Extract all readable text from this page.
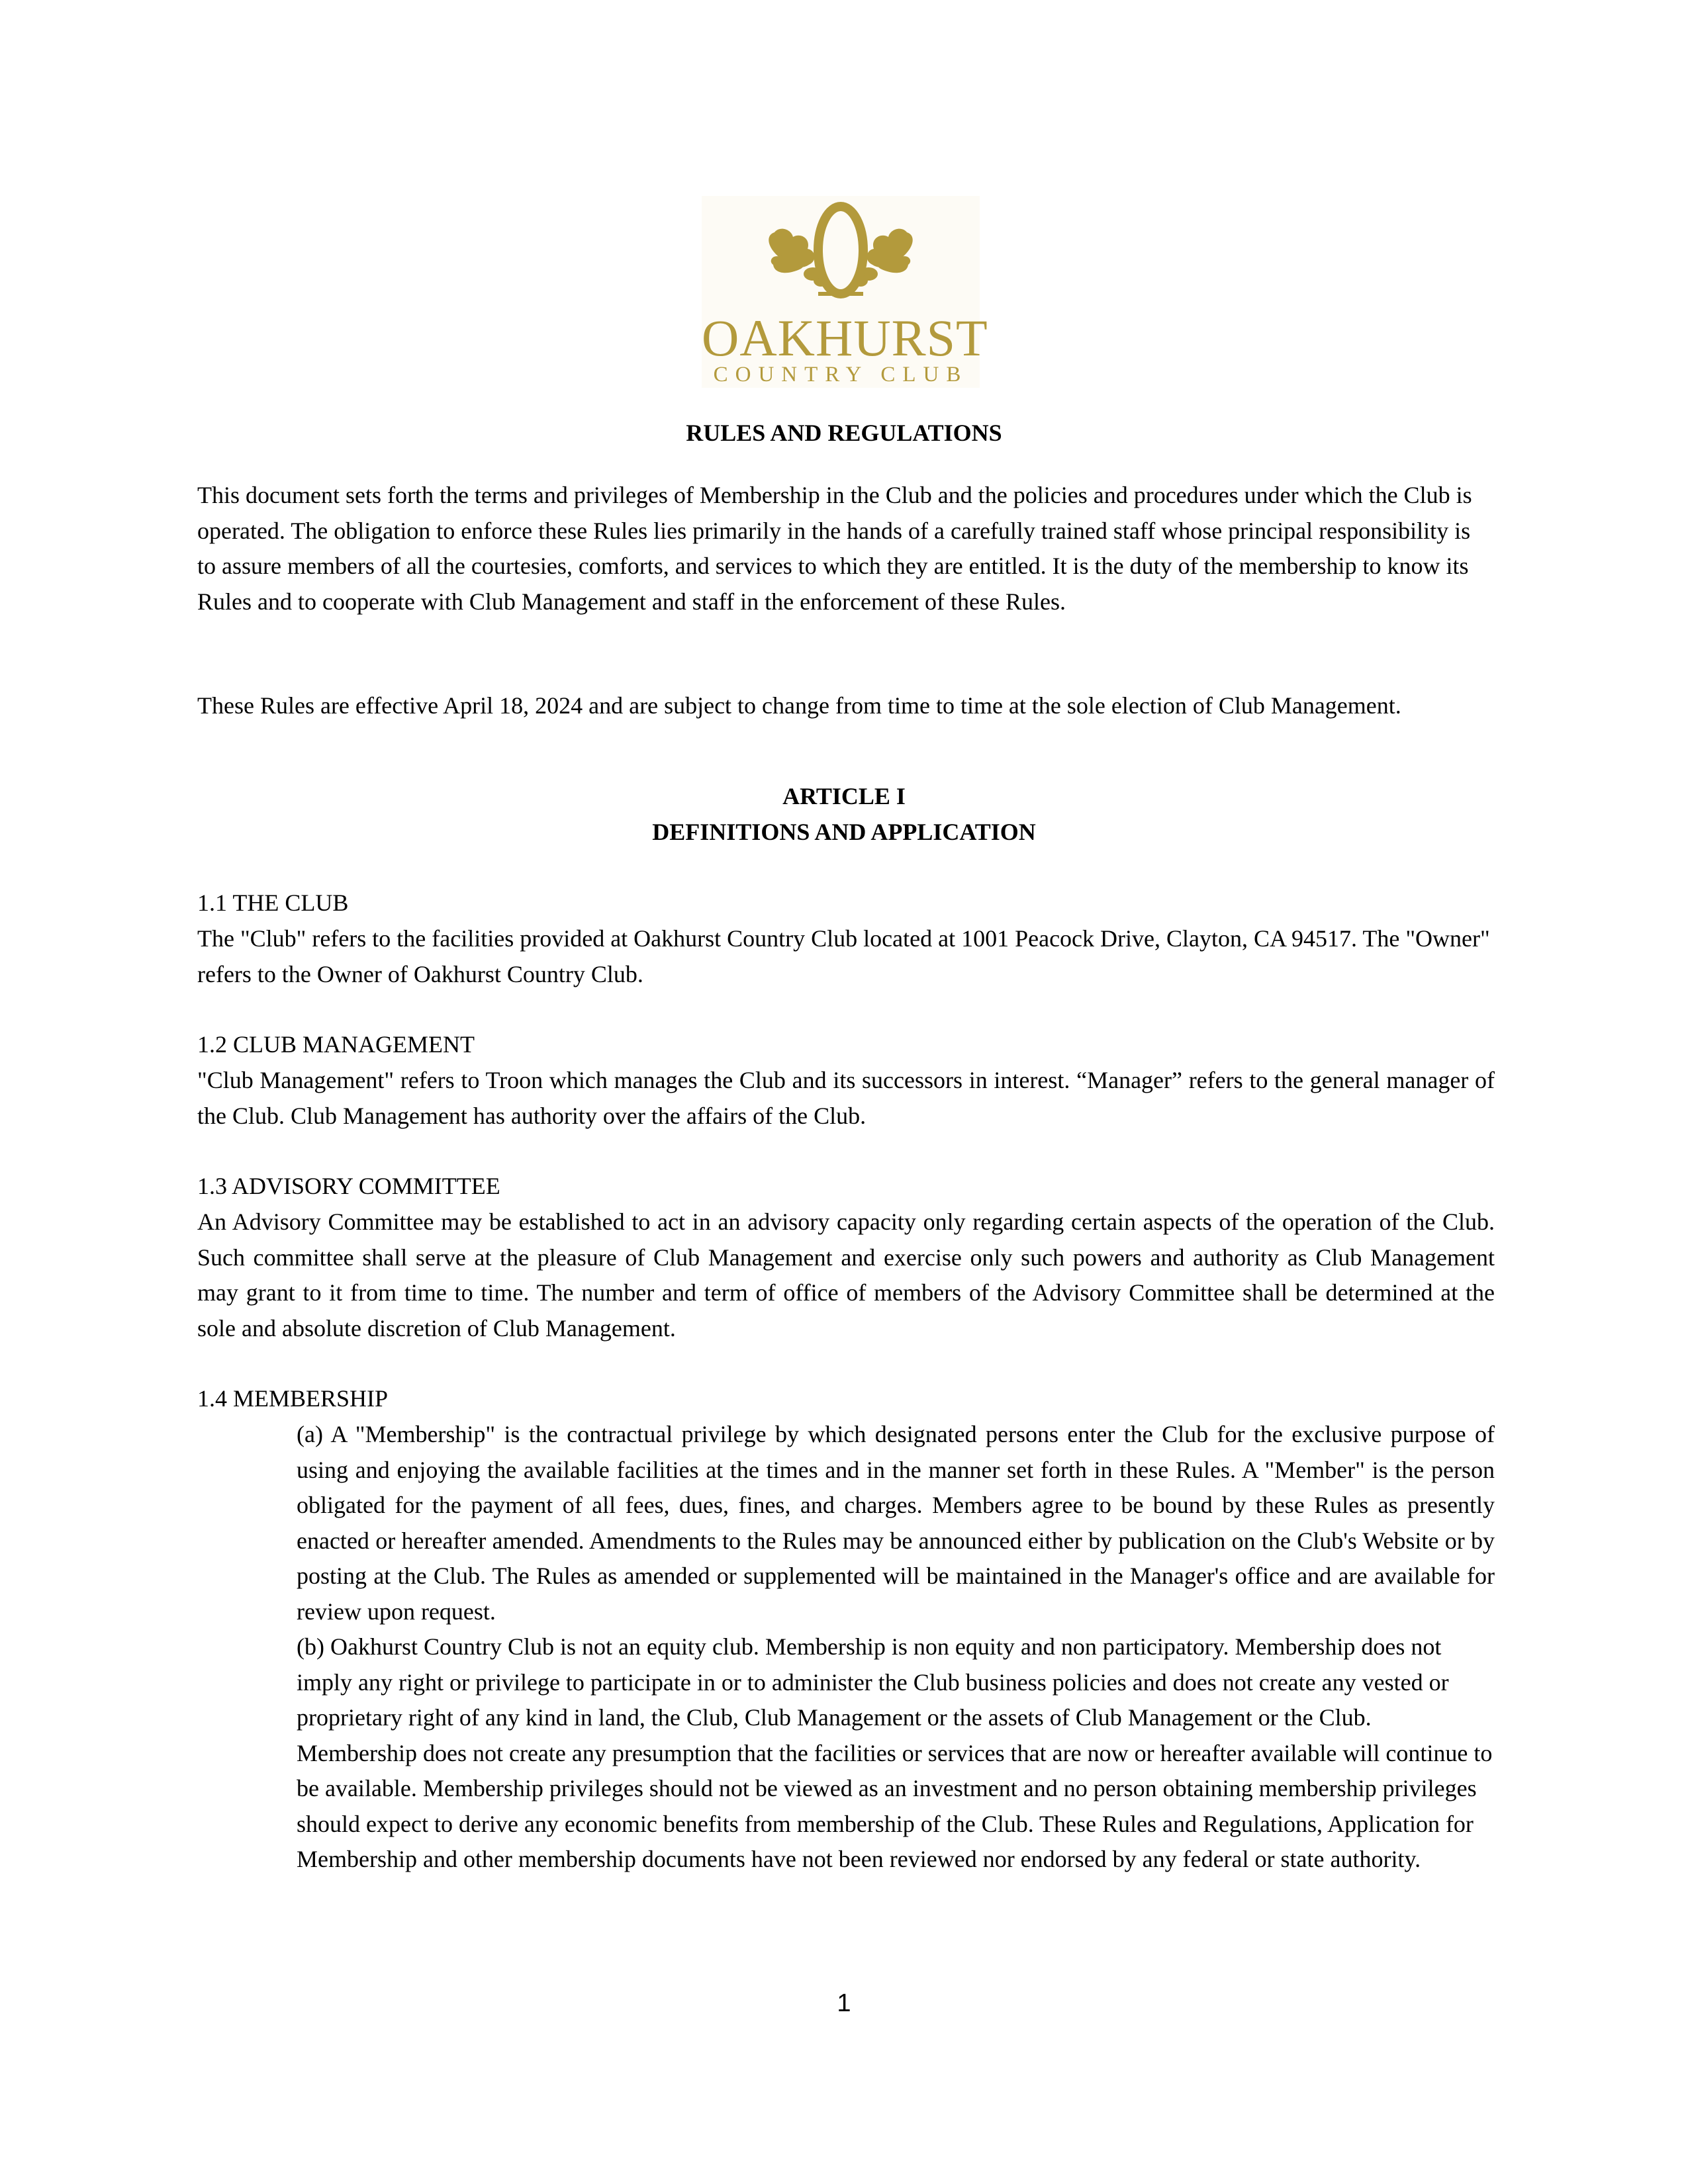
OAKHURST
COUNTRY CLUB
RULES AND REGULATIONS

This document sets forth the terms and privileges of Membership in the Club and the policies and procedures under which the Club is operated. The obligation to enforce these Rules lies primarily in the hands of a carefully trained staff whose principal responsibility is to assure members of all the courtesies, comforts, and services to which they are entitled. It is the duty of the membership to know its Rules and to cooperate with Club Management and staff in the enforcement of these Rules.

These Rules are effective April 18, 2024 and are subject to change from time to time at the sole election of Club Management.

ARTICLE I
DEFINITIONS AND APPLICATION
1.1 THE CLUB

The "Club" refers to the facilities provided at Oakhurst Country Club located at 1001 Peacock Drive, Clayton, CA 94517. The "Owner" refers to the Owner of Oakhurst Country Club.

1.2 CLUB MANAGEMENT

"Club Management" refers to Troon which manages the Club and its successors in interest. “Manager” refers to the general manager of the Club. Club Management has authority over the affairs of the Club.

1.3 ADVISORY COMMITTEE

An Advisory Committee may be established to act in an advisory capacity only regarding certain aspects of the operation of the Club. Such committee shall serve at the pleasure of Club Management and exercise only such powers and authority as Club Management may grant to it from time to time. The number and term of office of members of the Advisory Committee shall be determined at the sole and absolute discretion of Club Management.

1.4 MEMBERSHIP

(a) A "Membership" is the contractual privilege by which designated persons enter the Club for the exclusive purpose of using and enjoying the available facilities at the times and in the manner set forth in these Rules. A "Member" is the person obligated for the payment of all fees, dues, fines, and charges. Members agree to be bound by these Rules as presently enacted or hereafter amended. Amendments to the Rules may be announced either by publication on the Club's Website or by posting at the Club. The Rules as amended or supplemented will be maintained in the Manager's office and are available for review upon request.

(b) Oakhurst Country Club is not an equity club. Membership is non equity and non participatory. Membership does not imply any right or privilege to participate in or to administer the Club business policies and does not create any vested or proprietary right of any kind in land, the Club, Club Management or the assets of Club Management or the Club. Membership does not create any presumption that the facilities or services that are now or hereafter available will continue to be available. Membership privileges should not be viewed as an investment and no person obtaining membership privileges should expect to derive any economic benefits from membership of the Club. These Rules and Regulations, Application for Membership and other membership documents have not been reviewed nor endorsed by any federal or state authority.

1
